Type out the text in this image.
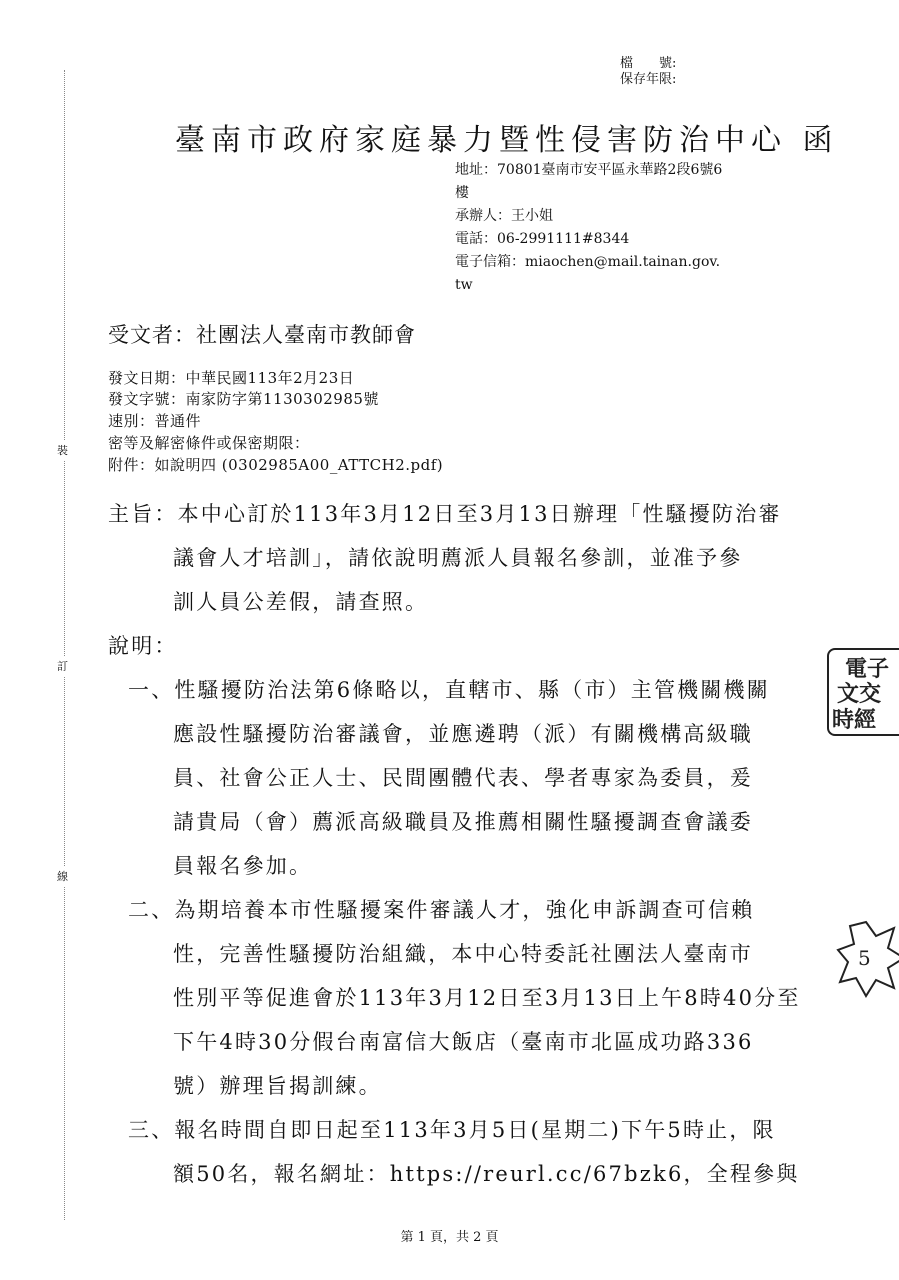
裝
訂
線
檔　　號:
保存年限:
臺南市政府家庭暴力暨性侵害防治中心 函
地址：70801臺南市安平區永華路2段6號6
樓
承辦人：王小姐
電話：06-2991111#8344
電子信箱：miaochen@mail.tainan.gov.
tw
受文者：社團法人臺南市教師會
發文日期：中華民國113年2月23日
發文字號：南家防字第1130302985號
速別：普通件
密等及解密條件或保密期限：
附件：如說明四 (0302985A00_ATTCH2.pdf)
主旨：本中心訂於113年3月12日至3月13日辦理「性騷擾防治審
議會人才培訓」，請依說明薦派人員報名參訓，並准予參
訓人員公差假，請查照。
說明：
一、性騷擾防治法第6條略以，直轄市、縣（市）主管機關機關
應設性騷擾防治審議會，並應遴聘（派）有關機構高級職
員、社會公正人士、民間團體代表、學者專家為委員，爰
請貴局（會）薦派高級職員及推薦相關性騷擾調查會議委
員報名參加。
二、為期培養本市性騷擾案件審議人才，強化申訴調查可信賴
性，完善性騷擾防治組織，本中心特委託社團法人臺南市
性別平等促進會於113年3月12日至3月13日上午8時40分至
下午4時30分假台南富信大飯店（臺南市北區成功路336
號）辦理旨揭訓練。
三、報名時間自即日起至113年3月5日(星期二)下午5時止，限
額50名，報名網址：https://reurl.cc/67bzk6，全程參與
電子
文交
時經
5
第 1 頁，共 2 頁
